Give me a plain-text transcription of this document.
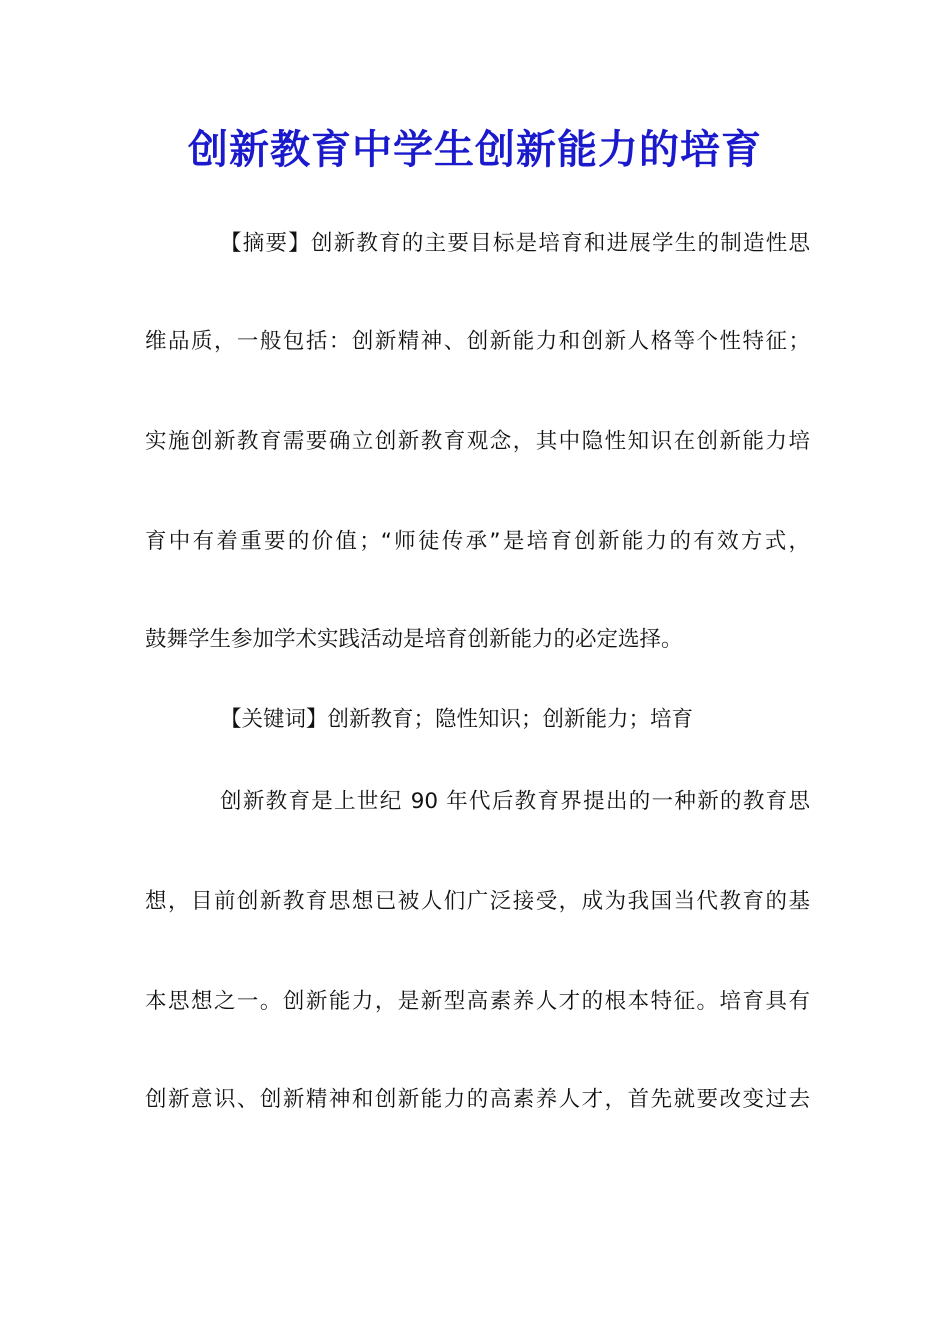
创新教育中学生创新能力的培育

【摘要】创新教育的主要目标是培育和进展学生的制造性思

维品质，一般包括：创新精神、创新能力和创新人格等个性特征；

实施创新教育需要确立创新教育观念，其中隐性知识在创新能力培

育中有着重要的价值；“师徒传承”是培育创新能力的有效方式，

鼓舞学生参加学术实践活动是培育创新能力的必定选择。

【关键词】创新教育；隐性知识；创新能力；培育

创新教育是上世纪 90 年代后教育界提出的一种新的教育思

想，目前创新教育思想已被人们广泛接受，成为我国当代教育的基

本思想之一。创新能力，是新型高素养人才的根本特征。培育具有

创新意识、创新精神和创新能力的高素养人才，首先就要改变过去
